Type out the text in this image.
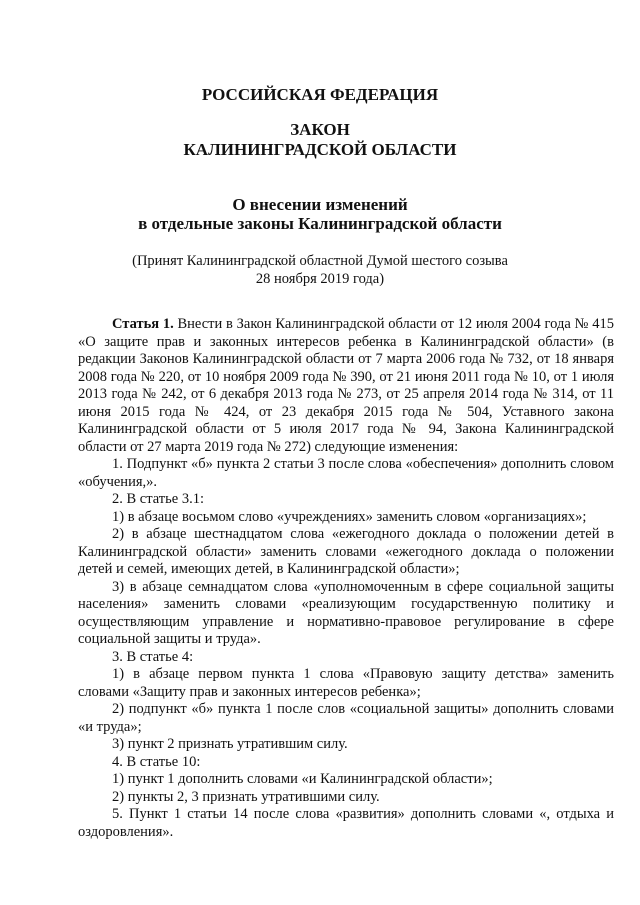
РОССИЙСКАЯ ФЕДЕРАЦИЯ
ЗАКОН
КАЛИНИНГРАДСКОЙ ОБЛАСТИ
О внесении изменений
в отдельные законы Калининградской области
(Принят Калининградской областной Думой шестого созыва
28 ноября 2019 года)

Статья 1. Внести в Закон Калининградской области от 12 июля 2004 года № 415 «О защите прав и законных интересов ребенка в Калининградской области» (в редакции Законов Калининградской области от 7 марта 2006 года № 732, от 18 января 2008 года № 220, от 10 ноября 2009 года № 390, от 21 июня 2011 года № 10, от 1 июля 2013 года № 242, от 6 декабря 2013 года № 273, от 25 апреля 2014 года № 314, от 11 июня 2015 года № 424, от 23 декабря 2015 года № 504, Уставного закона Калининградской области от 5 июля 2017 года № 94, Закона Калининградской области от 27 марта 2019 года № 272) следующие изменения:

1. Подпункт «б» пункта 2 статьи 3 после слова «обеспечения» дополнить словом «обучения,».

2. В статье 3.1:

1) в абзаце восьмом слово «учреждениях» заменить словом «организациях»;

2) в абзаце шестнадцатом слова «ежегодного доклада о положении детей в Калининградской области» заменить словами «ежегодного доклада о положении детей и семей, имеющих детей, в Калининградской области»;

3) в абзаце семнадцатом слова «уполномоченным в сфере социальной защиты населения» заменить словами «реализующим государственную политику и осуществляющим управление и нормативно-правовое регулирование в сфере социальной защиты и труда».

3. В статье 4:

1) в абзаце первом пункта 1 слова «Правовую защиту детства» заменить словами «Защиту прав и законных интересов ребенка»;

2) подпункт «б» пункта 1 после слов «социальной защиты» дополнить словами «и труда»;

3) пункт 2 признать утратившим силу.

4. В статье 10:

1) пункт 1 дополнить словами «и Калининградской области»;

2) пункты 2, 3 признать утратившими силу.

5. Пункт 1 статьи 14 после слова «развития» дополнить словами «, отдыха и оздоровления».
